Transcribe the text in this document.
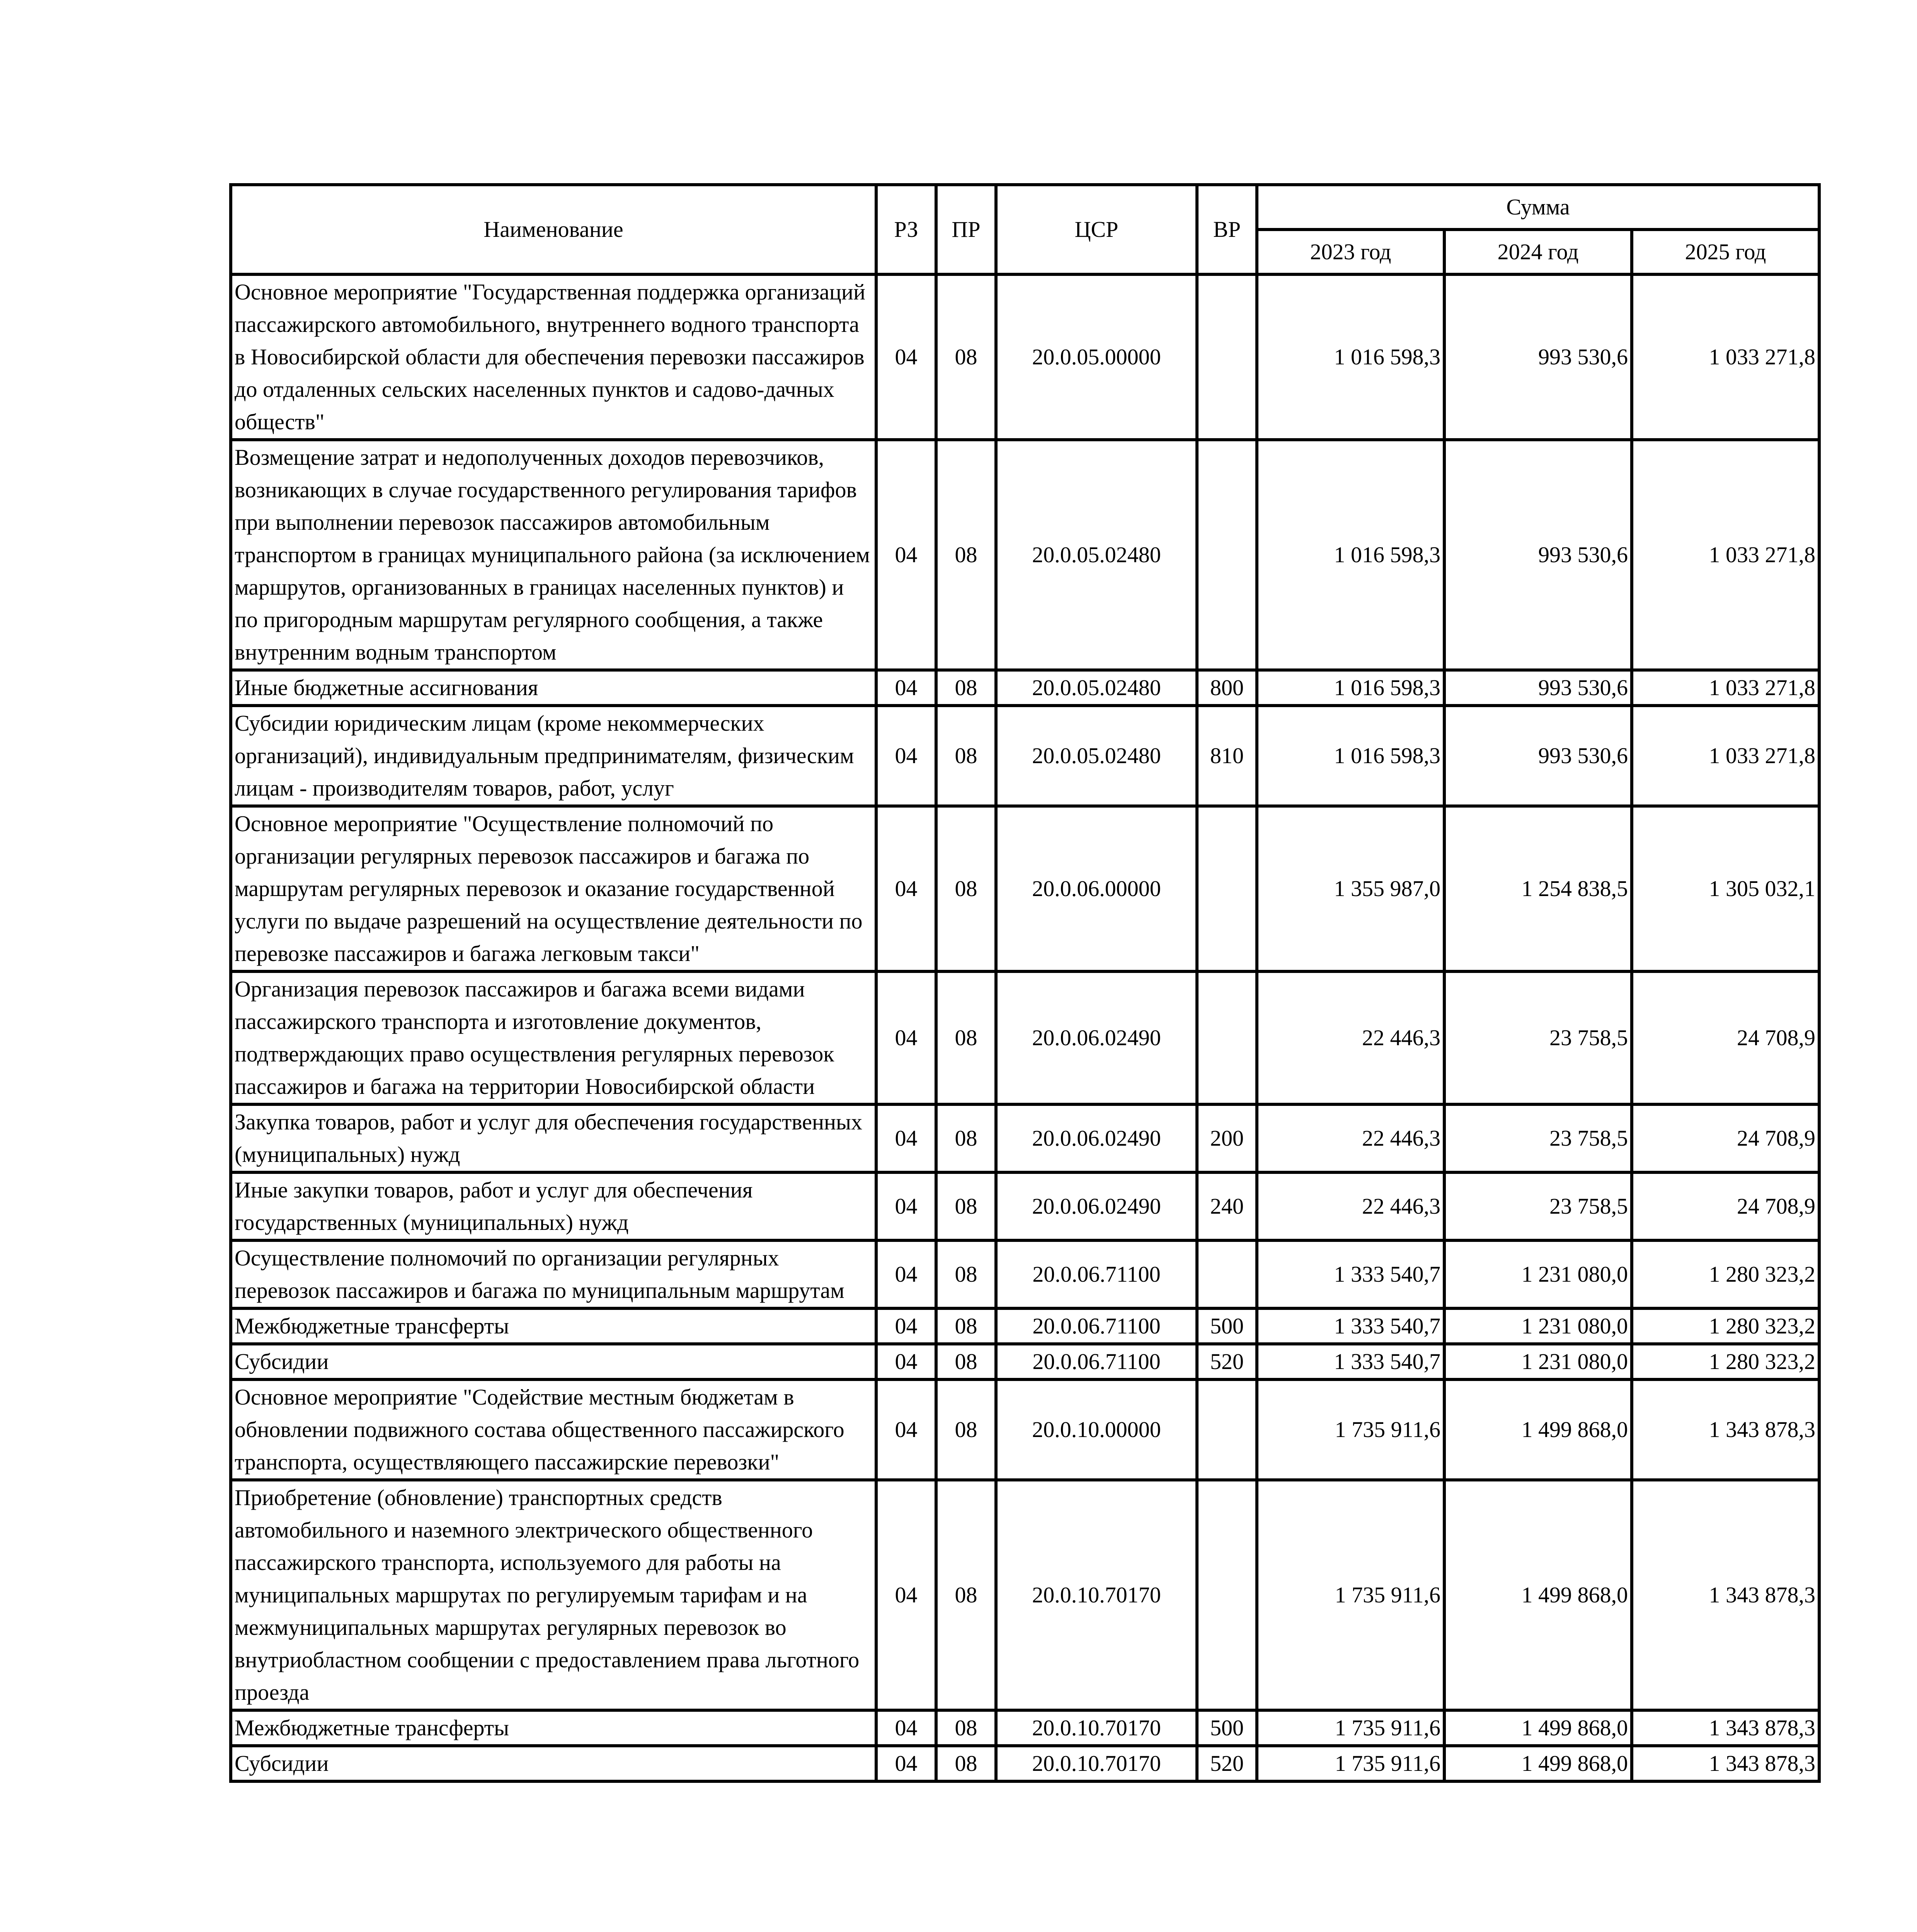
Наименование	РЗ	ПР	ЦСР	ВР	Сумма		
					2023 год	2024 год	2025 год
Основное мероприятие "Государственная поддержка организаций пассажирского автомобильного, внутреннего водного транспорта в Новосибирской области для обеспечения перевозки пассажиров до отдаленных сельских населенных пунктов и садово-дачных обществ"	04	08	20.0.05.00000		1 016 598,3	993 530,6	1 033 271,8
Возмещение затрат и недополученных доходов перевозчиков, возникающих в случае государственного регулирования тарифов при выполнении перевозок пассажиров автомобильным транспортом в границах муниципального района (за исключением маршрутов, организованных в границах населенных пунктов) и по пригородным маршрутам регулярного сообщения, а также внутренним водным транспортом	04	08	20.0.05.02480		1 016 598,3	993 530,6	1 033 271,8
Иные бюджетные ассигнования	04	08	20.0.05.02480	800	1 016 598,3	993 530,6	1 033 271,8
Субсидии юридическим лицам (кроме некоммерческих организаций), индивидуальным предпринимателям, физическим лицам - производителям товаров, работ, услуг	04	08	20.0.05.02480	810	1 016 598,3	993 530,6	1 033 271,8
Основное мероприятие "Осуществление полномочий по организации регулярных перевозок пассажиров и багажа по маршрутам регулярных перевозок и оказание государственной услуги по выдаче разрешений на осуществление деятельности по перевозке пассажиров и багажа легковым такси"	04	08	20.0.06.00000		1 355 987,0	1 254 838,5	1 305 032,1
Организация перевозок пассажиров и багажа всеми видами пассажирского транспорта и изготовление документов, подтверждающих право осуществления регулярных перевозок пассажиров и багажа на территории Новосибирской области	04	08	20.0.06.02490		22 446,3	23 758,5	24 708,9
Закупка товаров, работ и услуг для обеспечения государственных (муниципальных) нужд	04	08	20.0.06.02490	200	22 446,3	23 758,5	24 708,9
Иные закупки товаров, работ и услуг для обеспечения государственных (муниципальных) нужд	04	08	20.0.06.02490	240	22 446,3	23 758,5	24 708,9
Осуществление полномочий по организации регулярных перевозок пассажиров и багажа по муниципальным маршрутам	04	08	20.0.06.71100		1 333 540,7	1 231 080,0	1 280 323,2
Межбюджетные трансферты	04	08	20.0.06.71100	500	1 333 540,7	1 231 080,0	1 280 323,2
Субсидии	04	08	20.0.06.71100	520	1 333 540,7	1 231 080,0	1 280 323,2
Основное мероприятие "Содействие местным бюджетам в обновлении подвижного состава общественного пассажирского транспорта, осуществляющего пассажирские перевозки"	04	08	20.0.10.00000		1 735 911,6	1 499 868,0	1 343 878,3
Приобретение (обновление) транспортных средств автомобильного и наземного электрического общественного пассажирского транспорта, используемого для работы на муниципальных маршрутах по регулируемым тарифам и на межмуниципальных маршрутах регулярных перевозок во внутриобластном сообщении с предоставлением права льготного проезда	04	08	20.0.10.70170		1 735 911,6	1 499 868,0	1 343 878,3
Межбюджетные трансферты	04	08	20.0.10.70170	500	1 735 911,6	1 499 868,0	1 343 878,3
Субсидии	04	08	20.0.10.70170	520	1 735 911,6	1 499 868,0	1 343 878,3
